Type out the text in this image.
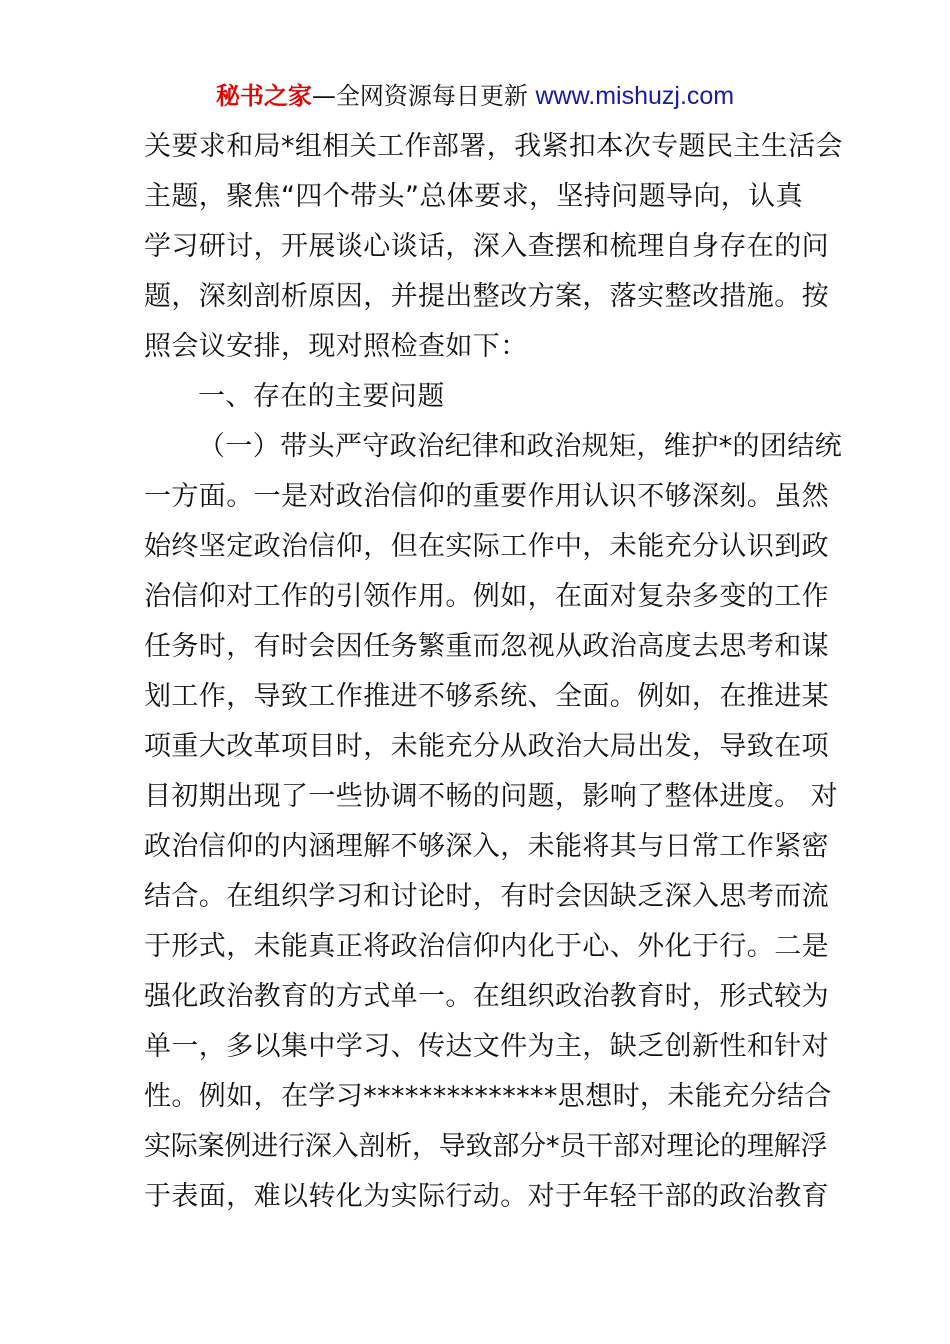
秘书之家—全网资源每日更新 www.mishuzj.com
关要求和局*组相关工作部署，我紧扣本次专题民主生活会
主题，聚焦“四个带头”总体要求，坚持问题导向，认真
学习研讨，开展谈心谈话，深入查摆和梳理自身存在的问
题，深刻剖析原因，并提出整改方案，落实整改措施。按
照会议安排，现对照检查如下：
一、存在的主要问题
（一）带头严守政治纪律和政治规矩，维护*的团结统
一方面。一是对政治信仰的重要作用认识不够深刻。虽然
始终坚定政治信仰，但在实际工作中，未能充分认识到政
治信仰对工作的引领作用。例如，在面对复杂多变的工作
任务时，有时会因任务繁重而忽视从政治高度去思考和谋
划工作，导致工作推进不够系统、全面。例如，在推进某
项重大改革项目时，未能充分从政治大局出发，导致在项
目初期出现了一些协调不畅的问题，影响了整体进度。 对
政治信仰的内涵理解不够深入，未能将其与日常工作紧密
结合。在组织学习和讨论时，有时会因缺乏深入思考而流
于形式，未能真正将政治信仰内化于心、外化于行。二是
强化政治教育的方式单一。在组织政治教育时，形式较为
单一，多以集中学习、传达文件为主，缺乏创新性和针对
性。例如，在学习**************思想时，未能充分结合
实际案例进行深入剖析，导致部分*员干部对理论的理解浮
于表面，难以转化为实际行动。对于年轻干部的政治教育
